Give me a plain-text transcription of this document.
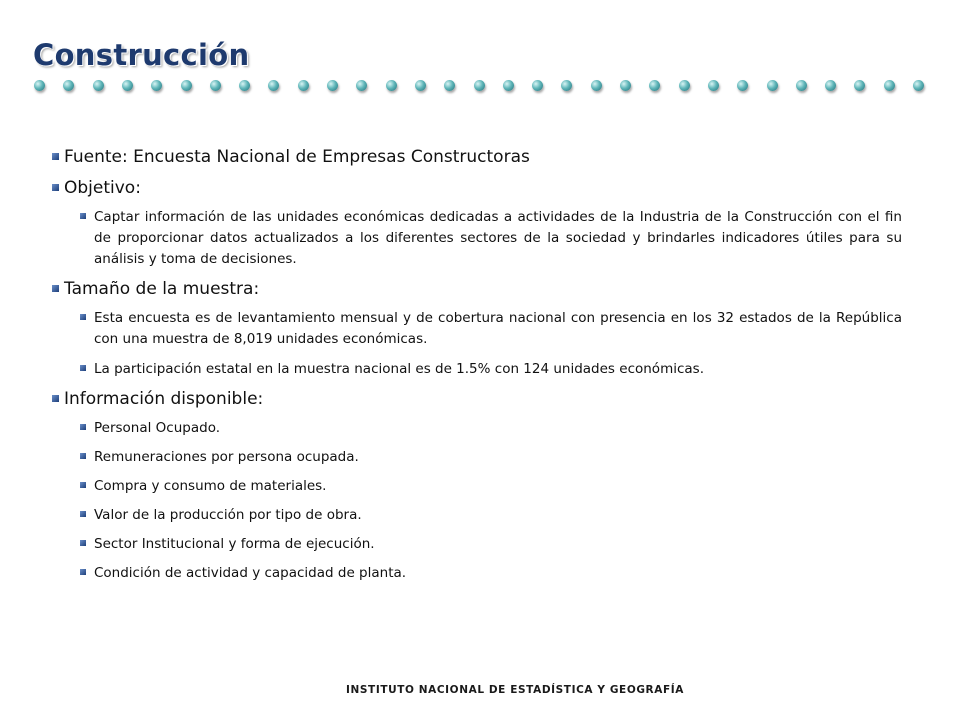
Construcción
Fuente: Encuesta Nacional de Empresas Constructoras
Objetivo:
Captar información de las unidades económicas dedicadas a actividades de la Industria de la Construcción con el fin de proporcionar datos actualizados a los diferentes sectores de la sociedad y brindarles indicadores útiles para su análisis y toma de decisiones.
Tamaño de la muestra:
Esta encuesta es de levantamiento mensual y de cobertura nacional con presencia en los 32 estados de la República con una muestra de 8,019 unidades económicas.
La participación estatal en la muestra nacional es de 1.5% con 124 unidades económicas.
Información disponible:
Personal Ocupado.
Remuneraciones por persona ocupada.
Compra y consumo de materiales.
Valor de la producción por tipo de obra.
Sector Institucional y forma de ejecución.
Condición de actividad y capacidad de planta.
INSTITUTO NACIONAL DE ESTADÍSTICA Y GEOGRAFÍA
